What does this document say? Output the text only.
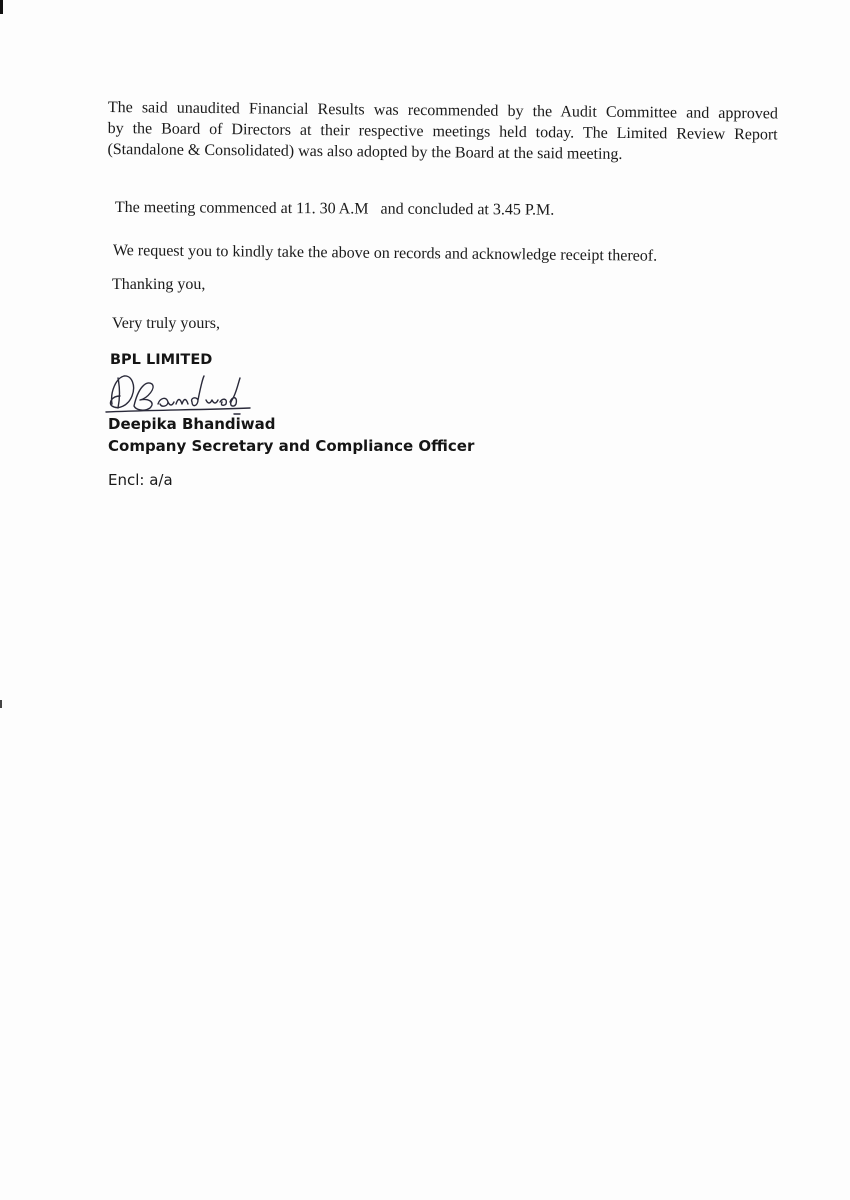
The said unaudited Financial Results was recommended by the Audit Committee and approved
by the Board of Directors at their respective meetings held today. The Limited Review Report
(Standalone & Consolidated) was also adopted by the Board at the said meeting.

The meeting commenced at 11. 30 A.M   and concluded at 3.45 P.M.

We request you to kindly take the above on records and acknowledge receipt thereof.

Thanking you,

Very truly yours,

BPL LIMITED

Deepika Bhandiwad

Company Secretary and Compliance Officer

Encl: a/a
